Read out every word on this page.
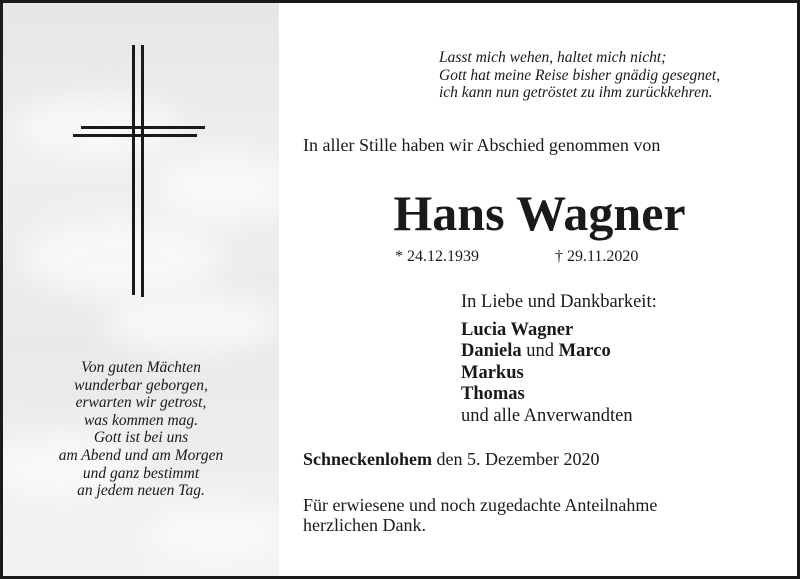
Von guten Mächten
wunderbar geborgen,
erwarten wir getrost,
was kommen mag.
Gott ist bei uns
am Abend und am Morgen
und ganz bestimmt
an jedem neuen Tag.
Lasst mich wehen, haltet mich nicht;
Gott hat meine Reise bisher gnädig gesegnet,
ich kann nun getröstet zu ihm zurückkehren.
In aller Stille haben wir Abschied genommen von
Hans Wagner
* 24.12.1939	† 29.11.2020
In Liebe und Dankbarkeit:
Lucia Wagner
Daniela und Marco
Markus
Thomas
und alle Anverwandten
Schneckenlohem den 5. Dezember 2020
Für erwiesene und noch zugedachte Anteilnahme
herzlichen Dank.
